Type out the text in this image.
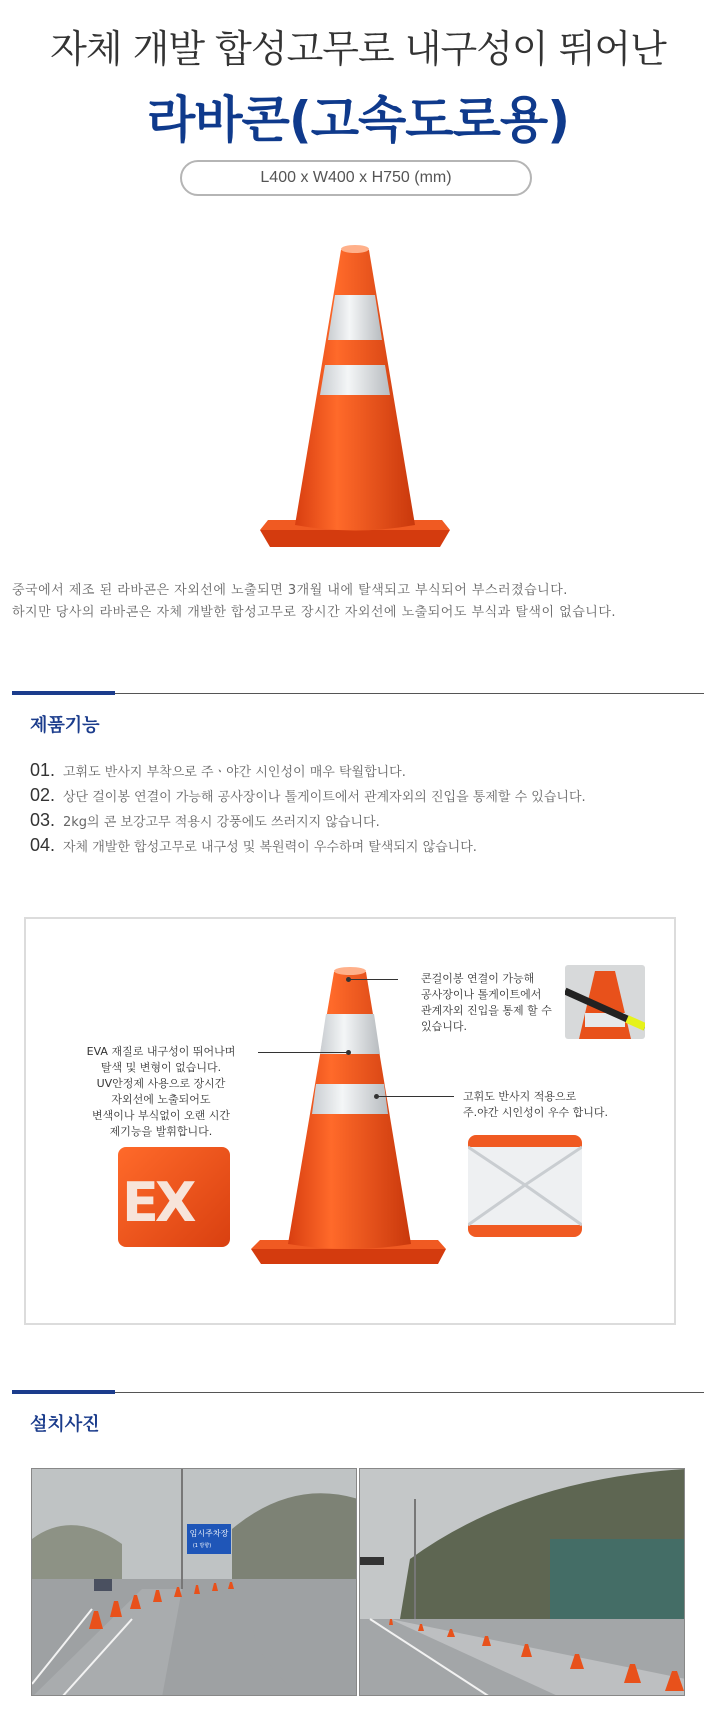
자체 개발 합성고무로 내구성이 뛰어난
라바콘(고속도로용)
L400 x W400 x H750 (mm)
중국에서 제조 된 라바콘은 자외선에 노출되면 3개월 내에 탈색되고 부식되어 부스러졌습니다.
하지만 당사의 라바콘은 자체 개발한 합성고무로 장시간 자외선에 노출되어도 부식과 탈색이 없습니다.
제품기능
01. 고휘도 반사지 부착으로 주ㆍ야간 시인성이 매우 탁월합니다.
02. 상단 걸이봉 연결이 가능해 공사장이나 톨게이트에서 관계자외의 진입을 통제할 수 있습니다.
03. 2kg의 콘 보강고무 적용시 강풍에도 쓰러지지 않습니다.
04. 자체 개발한 합성고무로 내구성 및 복원력이 우수하며 탈색되지 않습니다.
EVA 재질로 내구성이 뛰어나며
탈색 및 변형이 없습니다.
UV안정제 사용으로 장시간
자외선에 노출되어도
변색이나 부식없이 오랜 시간
제기능을 발휘합니다.
EX
콘걸이봉 연결이 가능해
공사장이나 톨게이트에서
관계자외 진입을 통제 할 수
있습니다.
고휘도 반사지 적용으로
주.야간 시인성이 우수 합니다.
설치사진
임시주차장
(1 방향)
